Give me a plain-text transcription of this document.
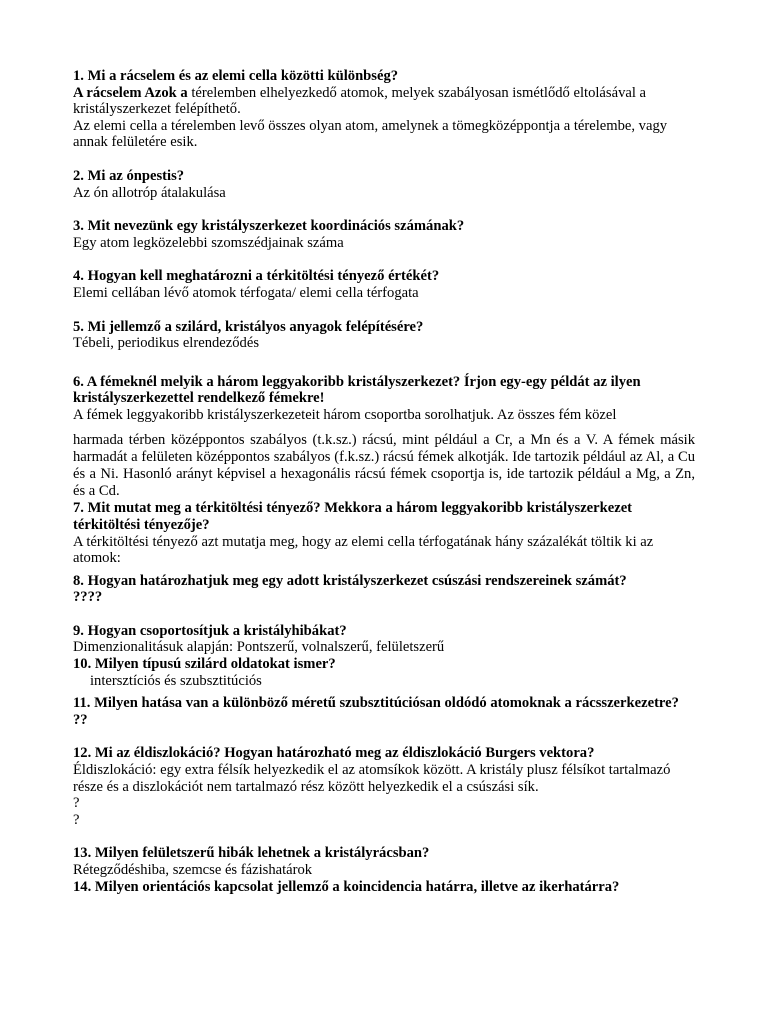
1. Mi a rácselem és az elemi cella közötti különbség?
A rácselem Azok a térelemben elhelyezkedő atomok, melyek szabályosan ismétlődő eltolásával a kristályszerkezet felépíthető.
Az elemi cella a térelemben levő összes olyan atom, amelynek a tömegközéppontja a térelembe, vagy annak felületére esik.
2. Mi az ónpestis?
Az ón allotróp átalakulása
3. Mit nevezünk egy kristályszerkezet koordinációs számának?
Egy atom legközelebbi szomszédjainak száma
4. Hogyan kell meghatározni a térkitöltési tényező értékét?
Elemi cellában lévő atomok térfogata/ elemi cella térfogata
5. Mi jellemző a szilárd, kristályos anyagok felépítésére?
Tébeli, periodikus elrendeződés
6. A fémeknél melyik a három leggyakoribb kristályszerkezet? Írjon egy-egy példát az ilyen kristályszerkezettel rendelkező fémekre!
A fémek leggyakoribb kristályszerkezeteit három csoportba sorolhatjuk. Az összes fém közel
harmada térben középpontos szabályos (t.k.sz.) rácsú, mint például a Cr, a Mn és a V. A fémek másik harmadát a felületen középpontos szabályos (f.k.sz.) rácsú fémek alkotják. Ide tartozik például az Al, a Cu és a Ni. Hasonló arányt képvisel a hexagonális rácsú fémek csoportja is, ide tartozik például a Mg, a Zn, és a Cd.
7. Mit mutat meg a térkitöltési tényező? Mekkora a három leggyakoribb kristályszerkezet térkitöltési tényezője?
A térkitöltési tényező azt mutatja meg, hogy az elemi cella térfogatának hány százalékát töltik ki az atomok:
8. Hogyan határozhatjuk meg egy adott kristályszerkezet csúszási rendszereinek számát?
????
9. Hogyan csoportosítjuk a kristályhibákat?
Dimenzionalitásuk alapján: Pontszerű, volnalszerű, felületszerű
10. Milyen típusú szilárd oldatokat ismer?
intersztíciós és szubsztitúciós
11. Milyen hatása van a különböző méretű szubsztitúciósan oldódó atomoknak a rácsszerkezetre?
??
12. Mi az éldiszlokáció? Hogyan határozható meg az éldiszlokáció Burgers vektora?
Éldiszlokáció: egy extra félsík helyezkedik el az atomsíkok között. A kristály plusz félsíkot tartalmazó része és a diszlokációt nem tartalmazó rész között helyezkedik el a csúszási sík.
?
?
13. Milyen felületszerű hibák lehetnek a kristályrácsban?
Rétegződéshiba, szemcse és fázishatárok
14. Milyen orientációs kapcsolat jellemző a koincidencia határra, illetve az ikerhatárra?
